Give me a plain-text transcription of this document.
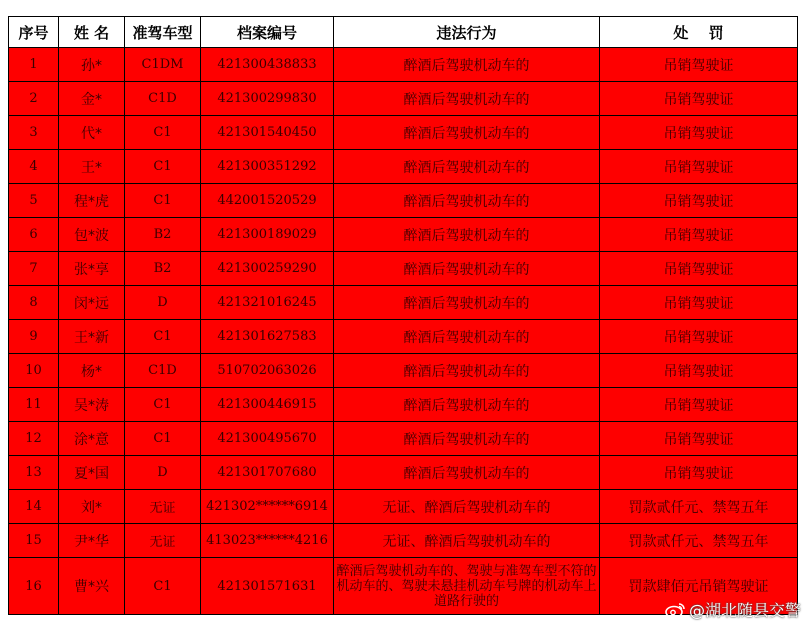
序号	姓 名	准驾车型	档案编号	违法行为	处　 罚
1	孙*	C1DM	421300438833	醉酒后驾驶机动车的	吊销驾驶证
2	金*	C1D	421300299830	醉酒后驾驶机动车的	吊销驾驶证
3	代*	C1	421301540450	醉酒后驾驶机动车的	吊销驾驶证
4	王*	C1	421300351292	醉酒后驾驶机动车的	吊销驾驶证
5	程*虎	C1	442001520529	醉酒后驾驶机动车的	吊销驾驶证
6	包*波	B2	421300189029	醉酒后驾驶机动车的	吊销驾驶证
7	张*享	B2	421300259290	醉酒后驾驶机动车的	吊销驾驶证
8	闵*远	D	421321016245	醉酒后驾驶机动车的	吊销驾驶证
9	王*新	C1	421301627583	醉酒后驾驶机动车的	吊销驾驶证
10	杨*	C1D	510702063026	醉酒后驾驶机动车的	吊销驾驶证
11	吴*涛	C1	421300446915	醉酒后驾驶机动车的	吊销驾驶证
12	涂*意	C1	421300495670	醉酒后驾驶机动车的	吊销驾驶证
13	夏*国	D	421301707680	醉酒后驾驶机动车的	吊销驾驶证
14	刘*	无证	421302******6914	无证、醉酒后驾驶机动车的	罚款贰仟元、禁驾五年
15	尹*华	无证	413023******4216	无证、醉酒后驾驶机动车的	罚款贰仟元、禁驾五年
16	曹*兴	C1	421301571631	醉酒后驾驶机动车的、驾驶与准驾车型不符的机动车的、驾驶未悬挂机动车号牌的机动车上道路行驶的	罚款肆佰元吊销驾驶证
@湖北随县交警
